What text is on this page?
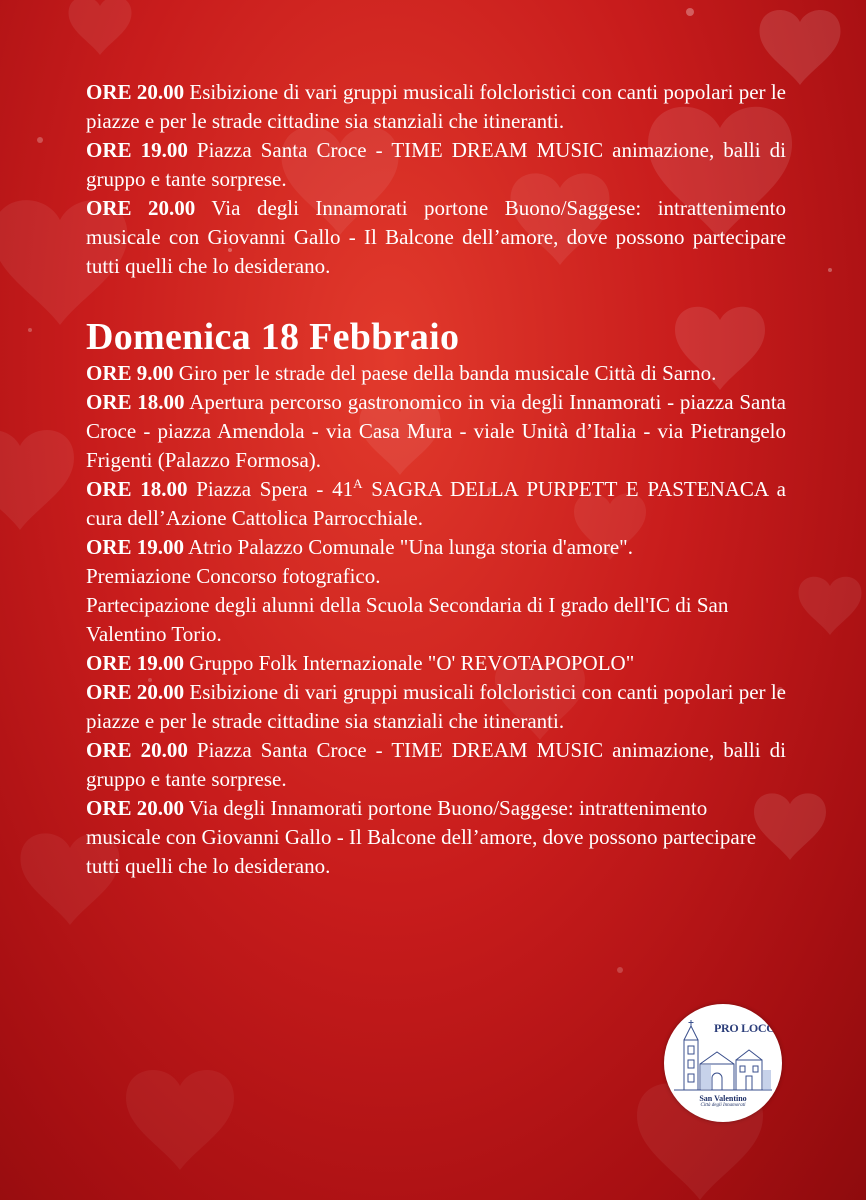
ORE 20.00 Esibizione di vari gruppi musicali folcloristici con canti popolari per le piazze e per le strade cittadine sia stanziali che itineranti.

ORE 19.00 Piazza Santa Croce - TIME DREAM MUSIC animazione, balli di gruppo e tante sorprese.

ORE 20.00 Via degli Innamorati portone Buono/Saggese: intrattenimento musicale con Giovanni Gallo - Il Balcone dell’amore, dove possono partecipare tutti quelli che lo desiderano.

Domenica 18 Febbraio

ORE 9.00 Giro per le strade del paese della banda musicale Città di Sarno.

ORE 18.00 Apertura percorso gastronomico in via degli Innamorati - piazza Santa Croce - piazza Amendola - via Casa Mura - viale Unità d’Italia - via Pietrangelo Frigenti (Palazzo Formosa).

ORE 18.00 Piazza Spera - $41^A$ SAGRA DELLA PURPETT E PASTENACA a cura dell’Azione Cattolica Parrocchiale.

ORE 19.00 Atrio Palazzo Comunale "Una lunga storia d'amore".

Premiazione Concorso fotografico.

Partecipazione degli alunni della Scuola Secondaria di I grado dell'IC di San Valentino Torio.

ORE 19.00 Gruppo Folk Internazionale "O' REVOTAPOPOLO"

ORE 20.00 Esibizione di vari gruppi musicali folcloristici con canti popolari per le piazze e per le strade cittadine sia stanziali che itineranti.

ORE 20.00 Piazza Santa Croce - TIME DREAM MUSIC animazione, balli di gruppo e tante sorprese.

ORE 20.00 Via degli Innamorati portone Buono/Saggese: intrattenimento musicale con Giovanni Gallo - Il Balcone dell’amore, dove possono partecipare tutti quelli che lo desiderano.

PRO LOCO
San Valentino
Città degli Innamorati
